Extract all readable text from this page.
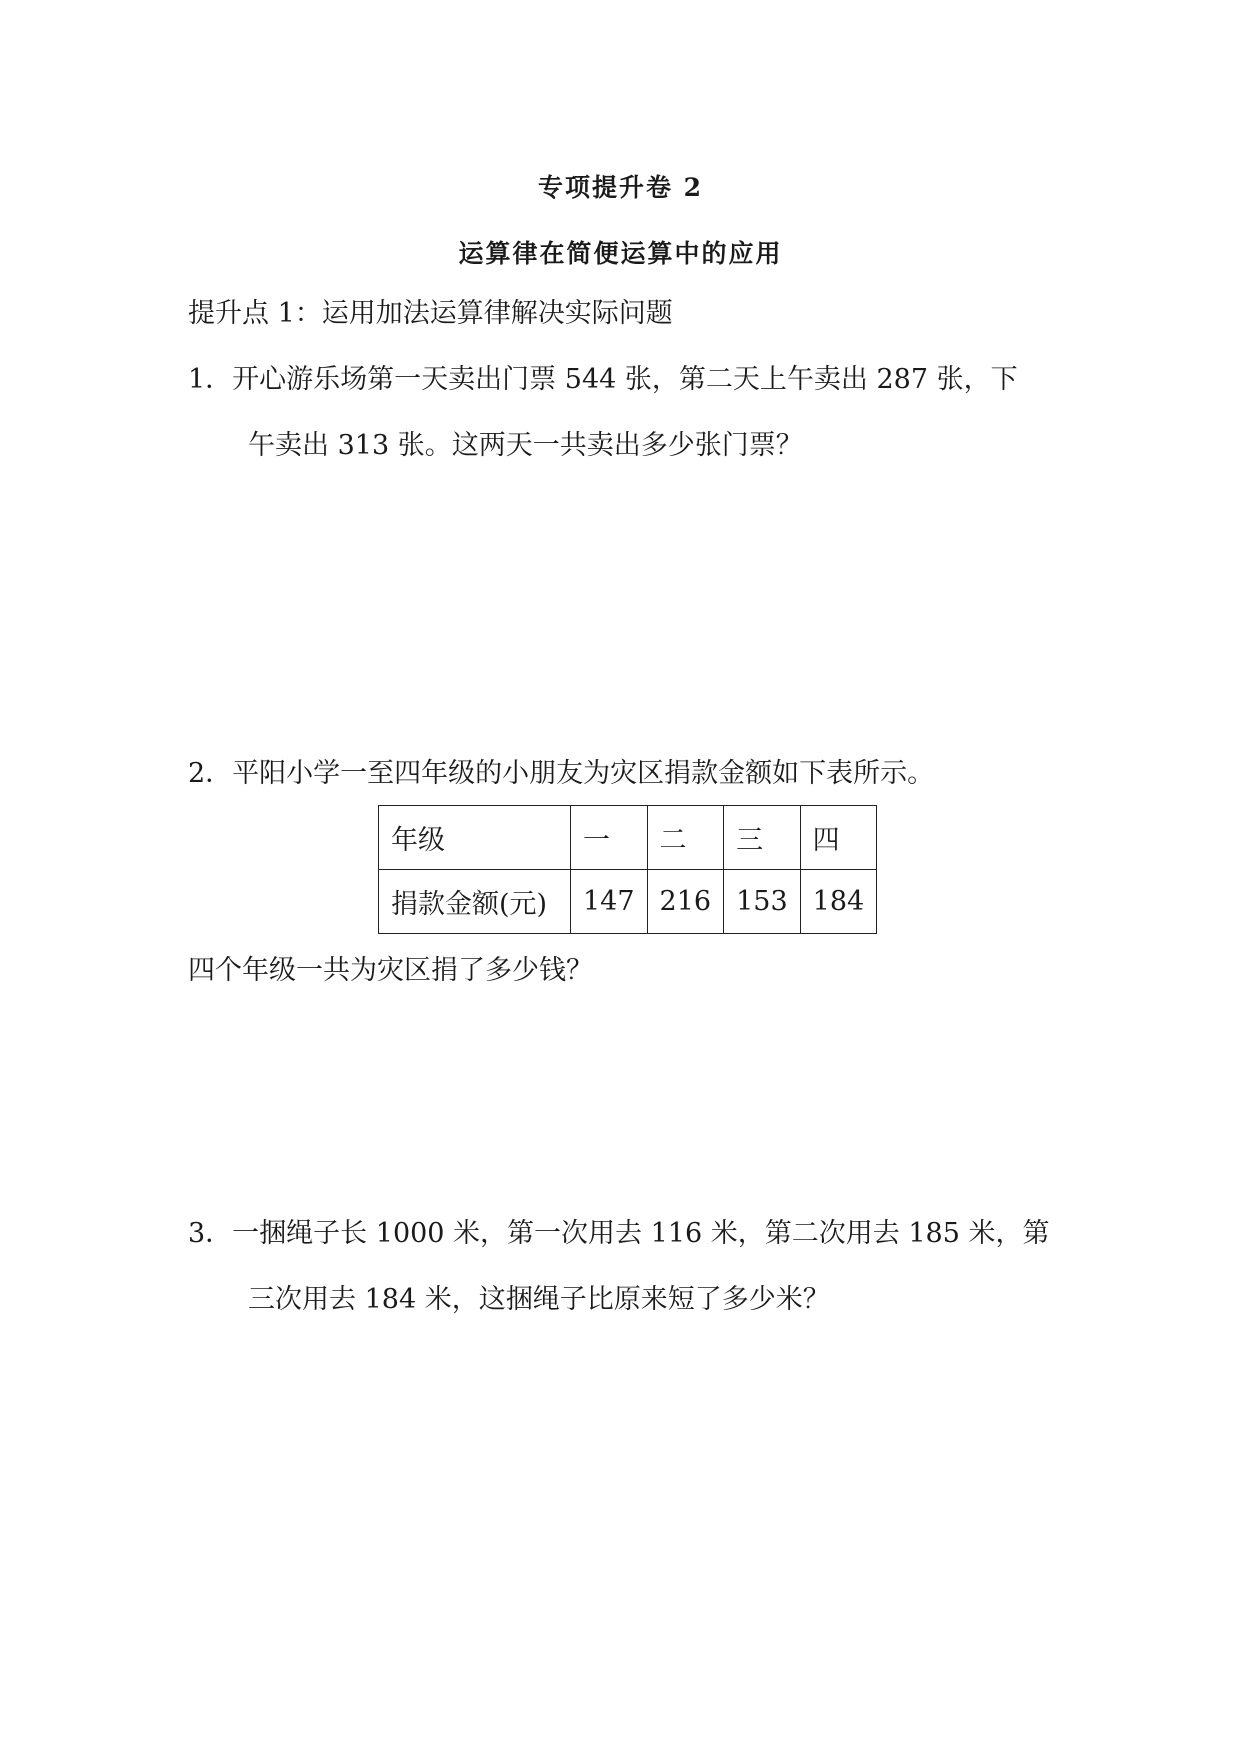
专项提升卷 2
运算律在简便运算中的应用
提升点 1：运用加法运算律解决实际问题
1．开心游乐场第一天卖出门票 544 张，第二天上午卖出 287 张，下
午卖出 313 张。这两天一共卖出多少张门票？
2．平阳小学一至四年级的小朋友为灾区捐款金额如下表所示。
年级	一	二	三	四
捐款金额(元)	147	216	153	184
四个年级一共为灾区捐了多少钱？
3．一捆绳子长 1000 米，第一次用去 116 米，第二次用去 185 米，第
三次用去 184 米，这捆绳子比原来短了多少米？
